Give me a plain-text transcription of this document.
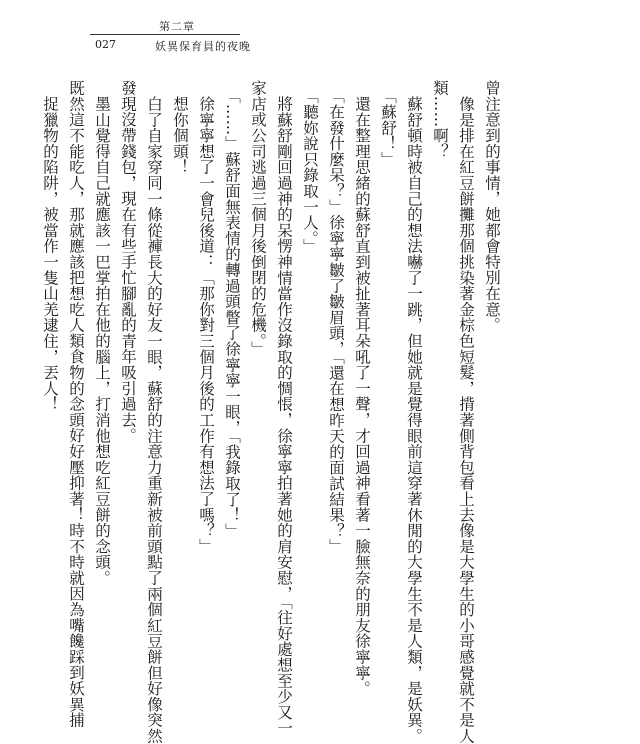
第二章
027	妖異保育員的夜晚

曾注意到的事情，她都會特別在意。

像是排在紅豆餅攤那個挑染著金棕色短髮，揹著側背包看上去像是大學生的小哥感覺就不是人

類……啊？

蘇舒頓時被自己的想法嚇了一跳，但她就是覺得眼前這穿著休閒的大學生不是人類，是妖異。

「蘇舒！」

還在整理思緒的蘇舒直到被扯著耳朵吼了一聲，才回過神看著一臉無奈的朋友徐寧寧。

「在發什麼呆？」徐寧寧皺了皺眉頭，「還在想昨天的面試結果？」

「聽妳說只錄取一人。」

將蘇舒剛回過神的呆愣神情當作沒錄取的惆悵，徐寧寧拍著她的肩安慰，「往好處想至少又一

家店或公司逃過三個月後倒閉的危機。」

「……」蘇舒面無表情的轉過頭瞥了徐寧寧一眼，「我錄取了！」

徐寧寧想了一會兒後道：「那你對三個月後的工作有想法了嗎？」

想你個頭！

白了自家穿同一條從褲長大的好友一眼，蘇舒的注意力重新被前頭點了兩個紅豆餅但好像突然

發現沒帶錢包，現在有些手忙腳亂的青年吸引過去。

墨山覺得自己就應該一巴掌拍在他的腦上，打消他想吃紅豆餅的念頭。

既然這不能吃人，那就應該把想吃人類食物的念頭好好壓抑著！時不時就因為嘴饞踩到妖異捕

捉獵物的陷阱，被當作一隻山羌逮住，丟人！
